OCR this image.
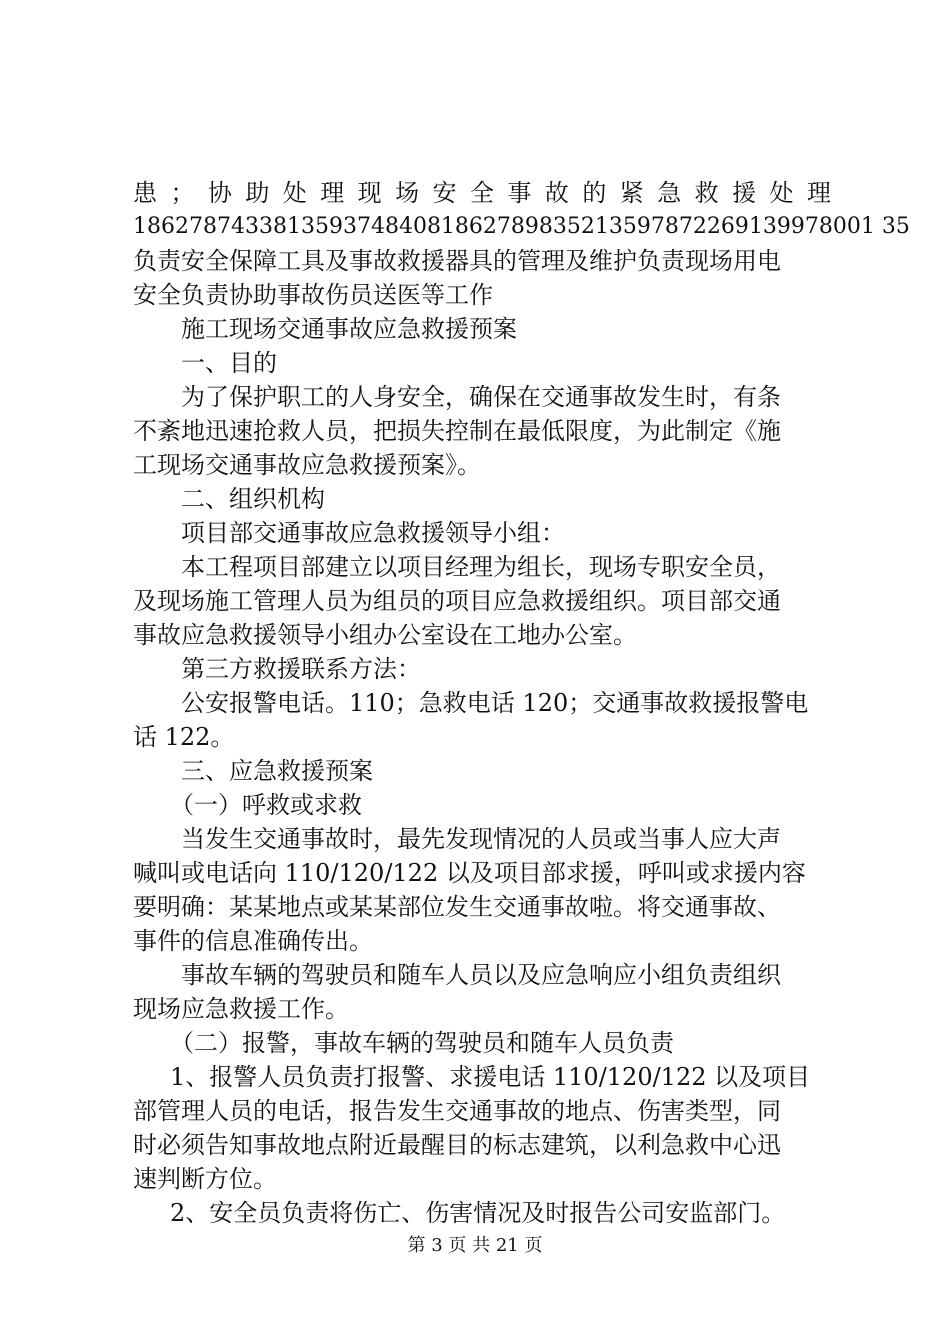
患；协助处理现场安全事故的紧急救援处理
18627874338135937484081862789835213597872269139978001 35
负责安全保障工具及事故救援器具的管理及维护负责现场用电
安全负责协助事故伤员送医等工作
施工现场交通事故应急救援预案
一、目的
为了保护职工的人身安全，确保在交通事故发生时，有条
不紊地迅速抢救人员，把损失控制在最低限度，为此制定《施
工现场交通事故应急救援预案》。
二、组织机构
项目部交通事故应急救援领导小组：
本工程项目部建立以项目经理为组长，现场专职安全员，
及现场施工管理人员为组员的项目应急救援组织。项目部交通
事故应急救援领导小组办公室设在工地办公室。
第三方救援联系方法：
公安报警电话。110；急救电话 120；交通事故救援报警电
话 122。
三、应急救援预案
（一）呼救或求救
当发生交通事故时，最先发现情况的人员或当事人应大声
喊叫或电话向 110/120/122 以及项目部求援，呼叫或求援内容
要明确：某某地点或某某部位发生交通事故啦。将交通事故、
事件的信息准确传出。
事故车辆的驾驶员和随车人员以及应急响应小组负责组织
现场应急救援工作。
（二）报警，事故车辆的驾驶员和随车人员负责
1、报警人员负责打报警、求援电话 110/120/122 以及项目
部管理人员的电话，报告发生交通事故的地点、伤害类型，同
时必须告知事故地点附近最醒目的标志建筑，以利急救中心迅
速判断方位。
2、安全员负责将伤亡、伤害情况及时报告公司安监部门。
第 3 页 共 21 页
